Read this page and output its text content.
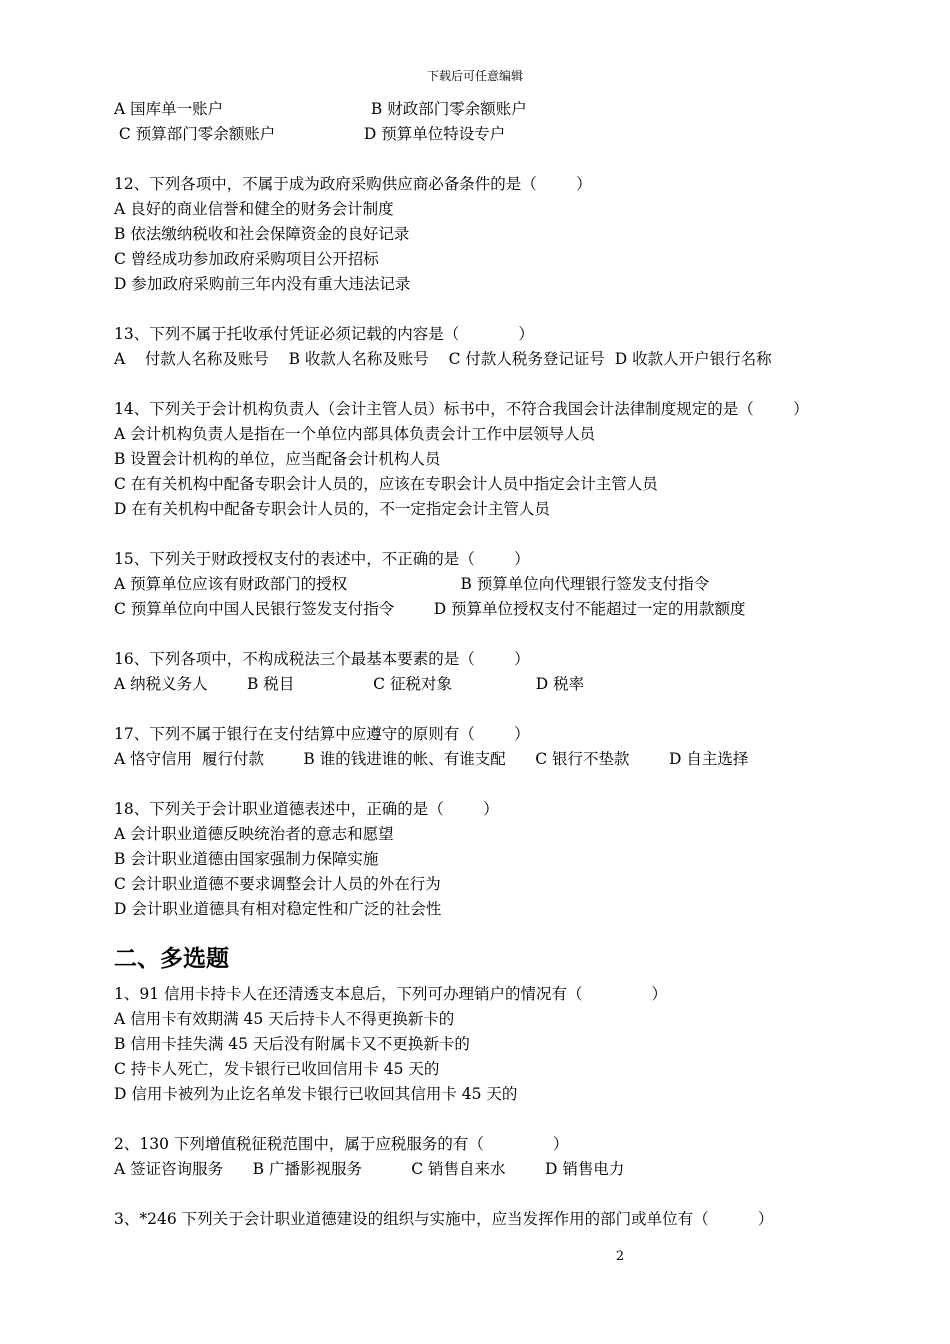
下载后可任意编辑
A 国库单一账户                              B 财政部门零余额账户
C 预算部门零余额账户                  D 预算单位特设专户
12、下列各项中，不属于成为政府采购供应商必备条件的是（        ）
A 良好的商业信誉和健全的财务会计制度
B 依法缴纳税收和社会保障资金的良好记录
C 曾经成功参加政府采购项目公开招标
D 参加政府采购前三年内没有重大违法记录
13、下列不属于托收承付凭证必须记载的内容是（            ）
A    付款人名称及账号    B 收款人名称及账号    C 付款人税务登记证号  D 收款人开户银行名称
14、下列关于会计机构负责人（会计主管人员）标书中，不符合我国会计法律制度规定的是（        ）
A 会计机构负责人是指在一个单位内部具体负责会计工作中层领导人员
B 设置会计机构的单位，应当配备会计机构人员
C 在有关机构中配备专职会计人员的，应该在专职会计人员中指定会计主管人员
D 在有关机构中配备专职会计人员的，不一定指定会计主管人员
15、下列关于财政授权支付的表述中，不正确的是（        ）
A 预算单位应该有财政部门的授权                       B 预算单位向代理银行签发支付指令
C 预算单位向中国人民银行签发支付指令        D 预算单位授权支付不能超过一定的用款额度
16、下列各项中，不构成税法三个最基本要素的是（        ）
A 纳税义务人        B 税目                C 征税对象                 D 税率
17、下列不属于银行在支付结算中应遵守的原则有（        ）
A 恪守信用  履行付款        B 谁的钱进谁的帐、有谁支配      C 银行不垫款        D 自主选择
18、下列关于会计职业道德表述中，正确的是（        ）
A 会计职业道德反映统治者的意志和愿望
B 会计职业道德由国家强制力保障实施
C 会计职业道德不要求调整会计人员的外在行为
D 会计职业道德具有相对稳定性和广泛的社会性
二、多选题
1、91 信用卡持卡人在还清透支本息后，下列可办理销户的情况有（              ）
A 信用卡有效期满 45 天后持卡人不得更换新卡的
B 信用卡挂失满 45 天后没有附属卡又不更换新卡的
C 持卡人死亡，发卡银行已收回信用卡 45 天的
D 信用卡被列为止讫名单发卡银行已收回其信用卡 45 天的
2、130 下列增值税征税范围中，属于应税服务的有（              ）
A 签证咨询服务      B 广播影视服务          C 销售自来水        D 销售电力
3、*246 下列关于会计职业道德建设的组织与实施中，应当发挥作用的部门或单位有（          ）
2
